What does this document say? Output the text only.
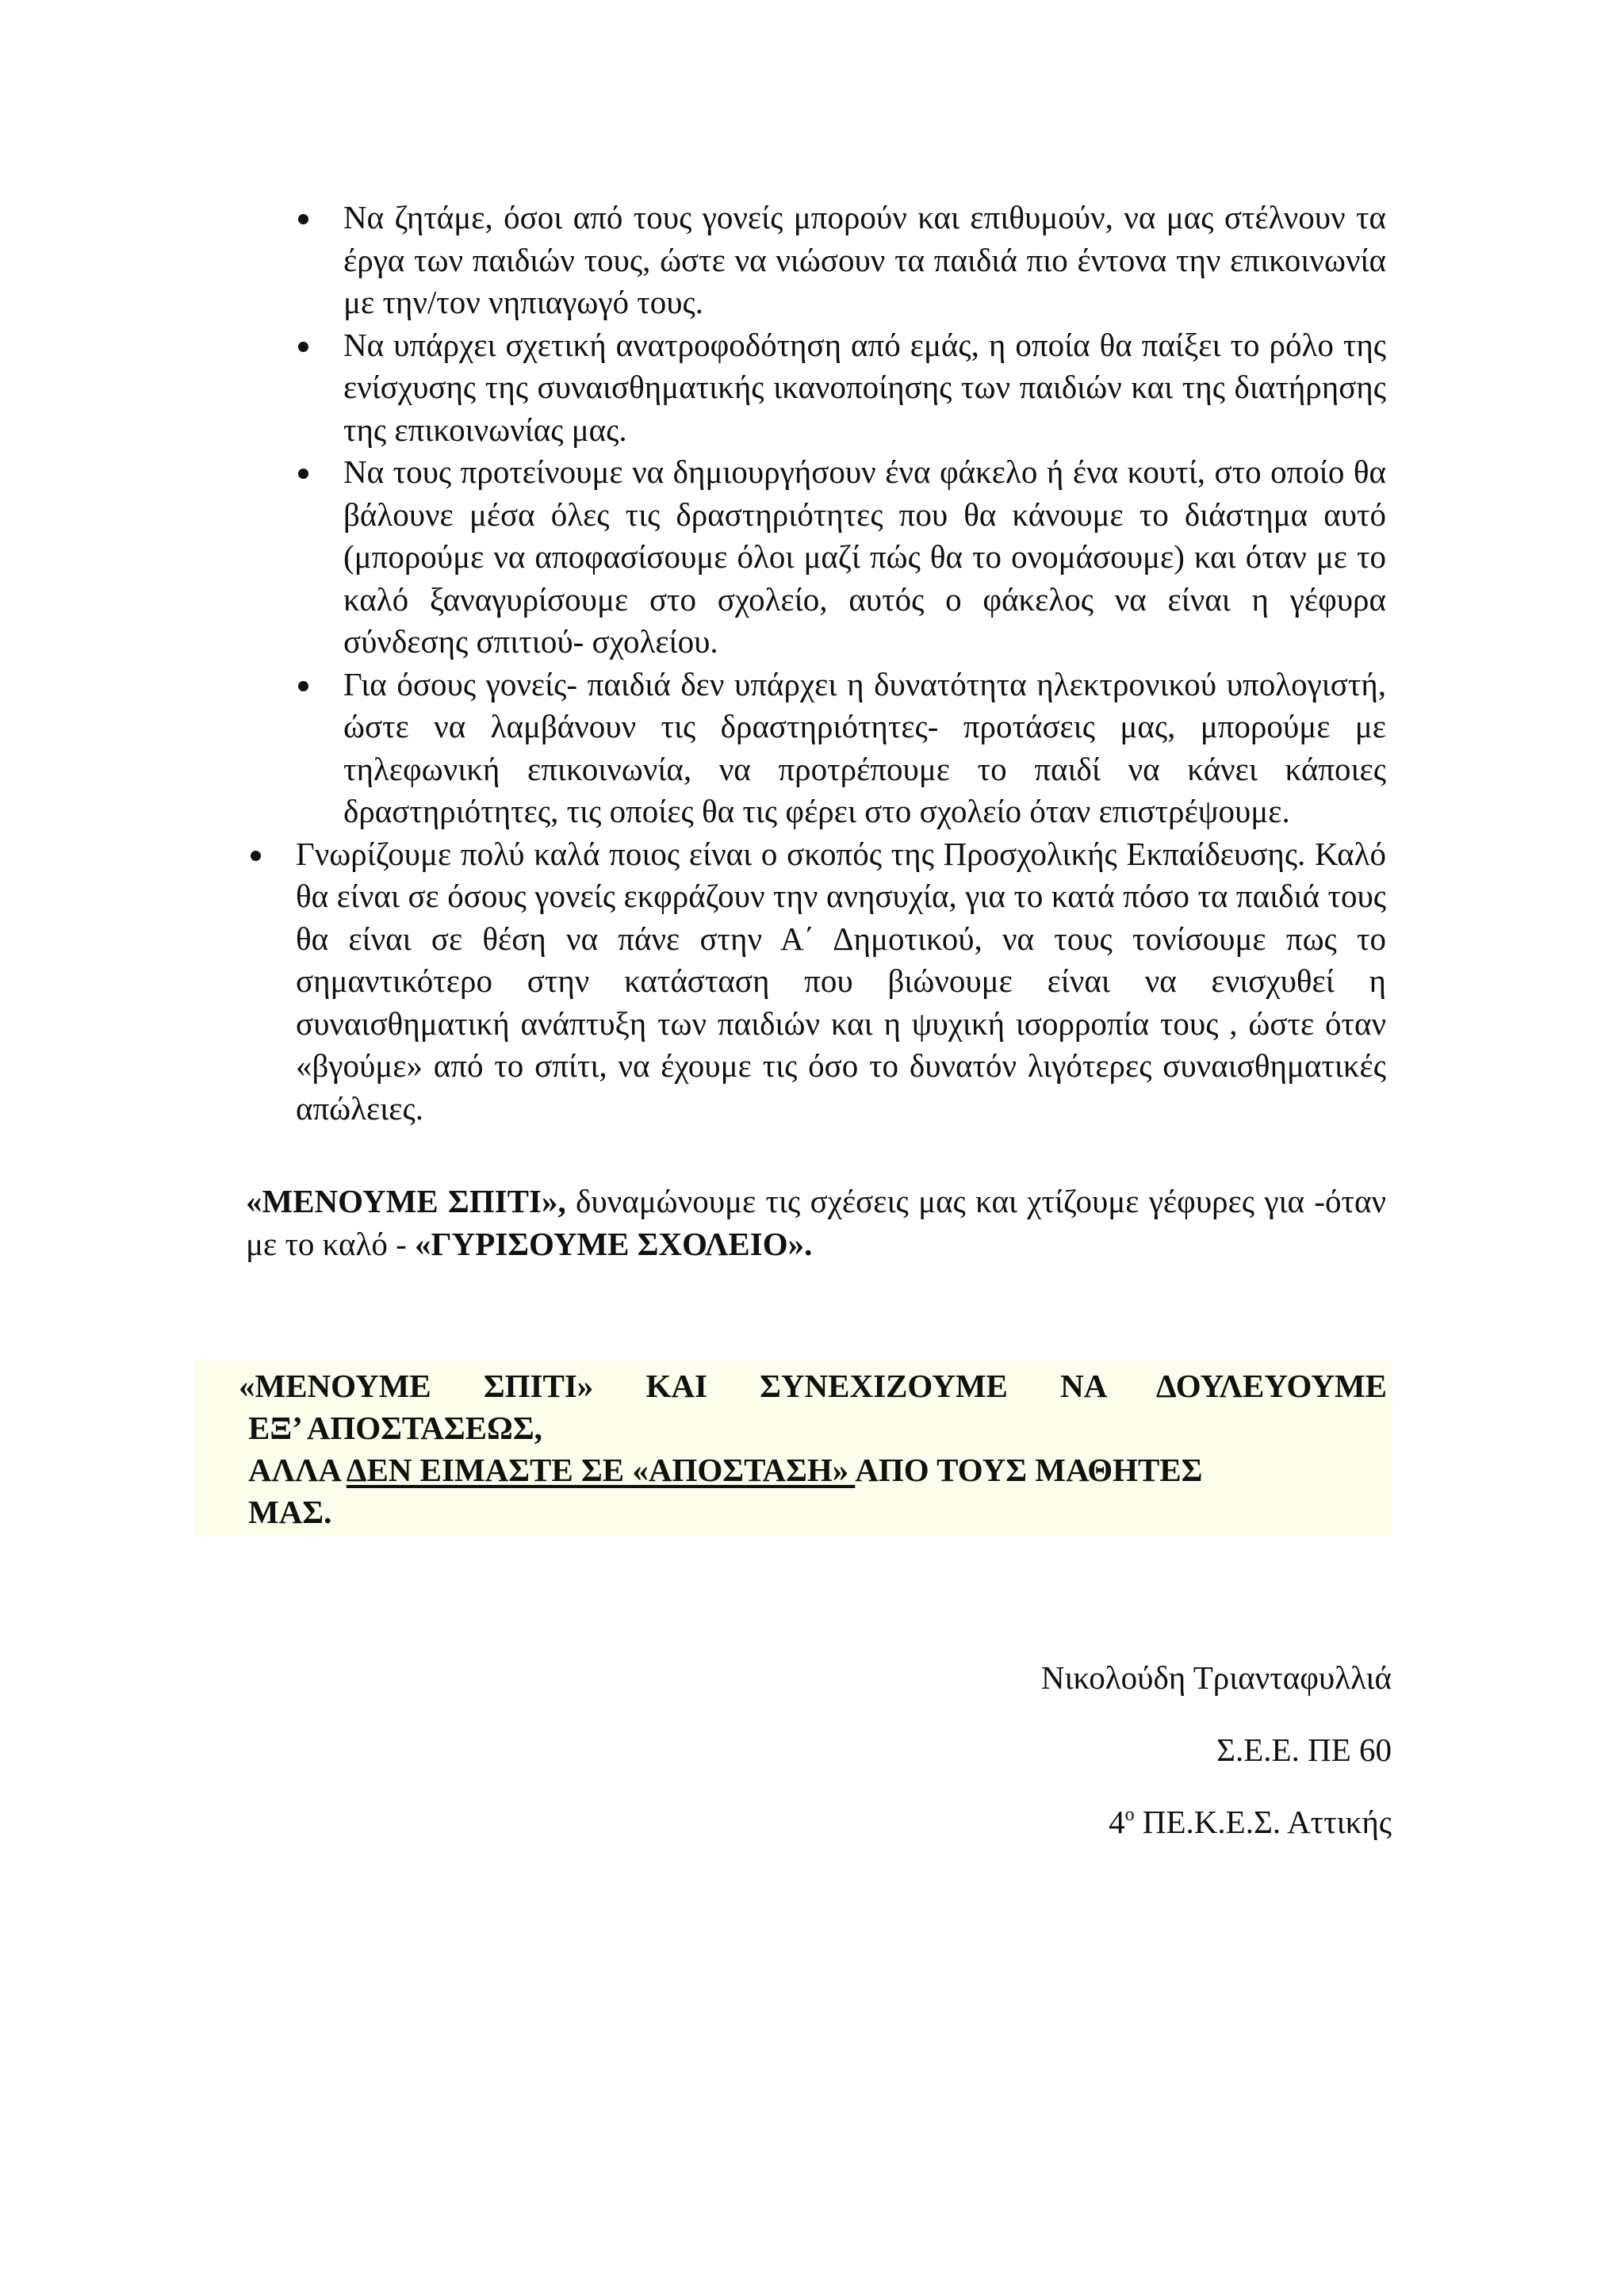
Να ζητάμε, όσοι από τους γονείς μπορούν και επιθυμούν, να μας στέλνουν τα έργα των παιδιών τους, ώστε να νιώσουν τα παιδιά πιο έντονα την επικοινωνία με την/τον νηπιαγωγό τους.
Να υπάρχει σχετική ανατροφοδότηση από εμάς, η οποία θα παίξει το ρόλο της ενίσχυσης της συναισθηματικής ικανοποίησης των παιδιών και της διατήρησης της επικοινωνίας μας.
Να τους προτείνουμε να δημιουργήσουν ένα φάκελο ή ένα κουτί, στο οποίο θα βάλουνε μέσα όλες τις δραστηριότητες που θα κάνουμε το διάστημα αυτό (μπορούμε να αποφασίσουμε όλοι μαζί πώς θα το ονομάσουμε) και όταν με το καλό ξαναγυρίσουμε στο σχολείο, αυτός ο φάκελος να είναι η γέφυρα σύνδεσης σπιτιού- σχολείου.
Για όσους γονείς- παιδιά δεν υπάρχει η δυνατότητα ηλεκτρονικού υπολογιστή, ώστε να λαμβάνουν τις δραστηριότητες- προτάσεις μας, μπορούμε με τηλεφωνική επικοινωνία, να προτρέπουμε το παιδί να κάνει κάποιες δραστηριότητες, τις οποίες θα τις φέρει στο σχολείο όταν επιστρέψουμε.
Γνωρίζουμε πολύ καλά ποιος είναι ο σκοπός της Προσχολικής Εκπαίδευσης. Καλό θα είναι σε όσους γονείς εκφράζουν την ανησυχία, για το κατά πόσο τα παιδιά τους θα είναι σε θέση να πάνε στην Α΄ Δημοτικού, να τους τονίσουμε πως το σημαντικότερο στην κατάσταση που βιώνουμε είναι να ενισχυθεί η συναισθηματική ανάπτυξη των παιδιών και η ψυχική ισορροπία τους , ώστε όταν «βγούμε» από το σπίτι, να έχουμε τις όσο το δυνατόν λιγότερες συναισθηματικές απώλειες.

«ΜΕΝΟΥΜΕ ΣΠΙΤΙ», δυναμώνουμε τις σχέσεις μας και χτίζουμε γέφυρες για -όταν με το καλό - «ΓΥΡΙΣΟΥΜΕ ΣΧΟΛΕΙΟ».

«ΜΕΝΟΥΜΕ ΣΠΙΤΙ» ΚΑΙ ΣΥΝΕΧΙΖΟΥΜΕ ΝΑ ΔΟΥΛΕΥΟΥΜΕ
ΕΞ’ ΑΠΟΣΤΑΣΕΩΣ,
ΑΛΛΑ ΔΕΝ ΕΙΜΑΣΤΕ ΣΕ «ΑΠΟΣΤΑΣΗ» ΑΠΟ ΤΟΥΣ ΜΑΘΗΤΕΣ
ΜΑΣ.
Νικολούδη Τριανταφυλλιά
Σ.Ε.Ε. ΠΕ 60
$4^o$ ΠΕ.Κ.Ε.Σ. Αττικής
